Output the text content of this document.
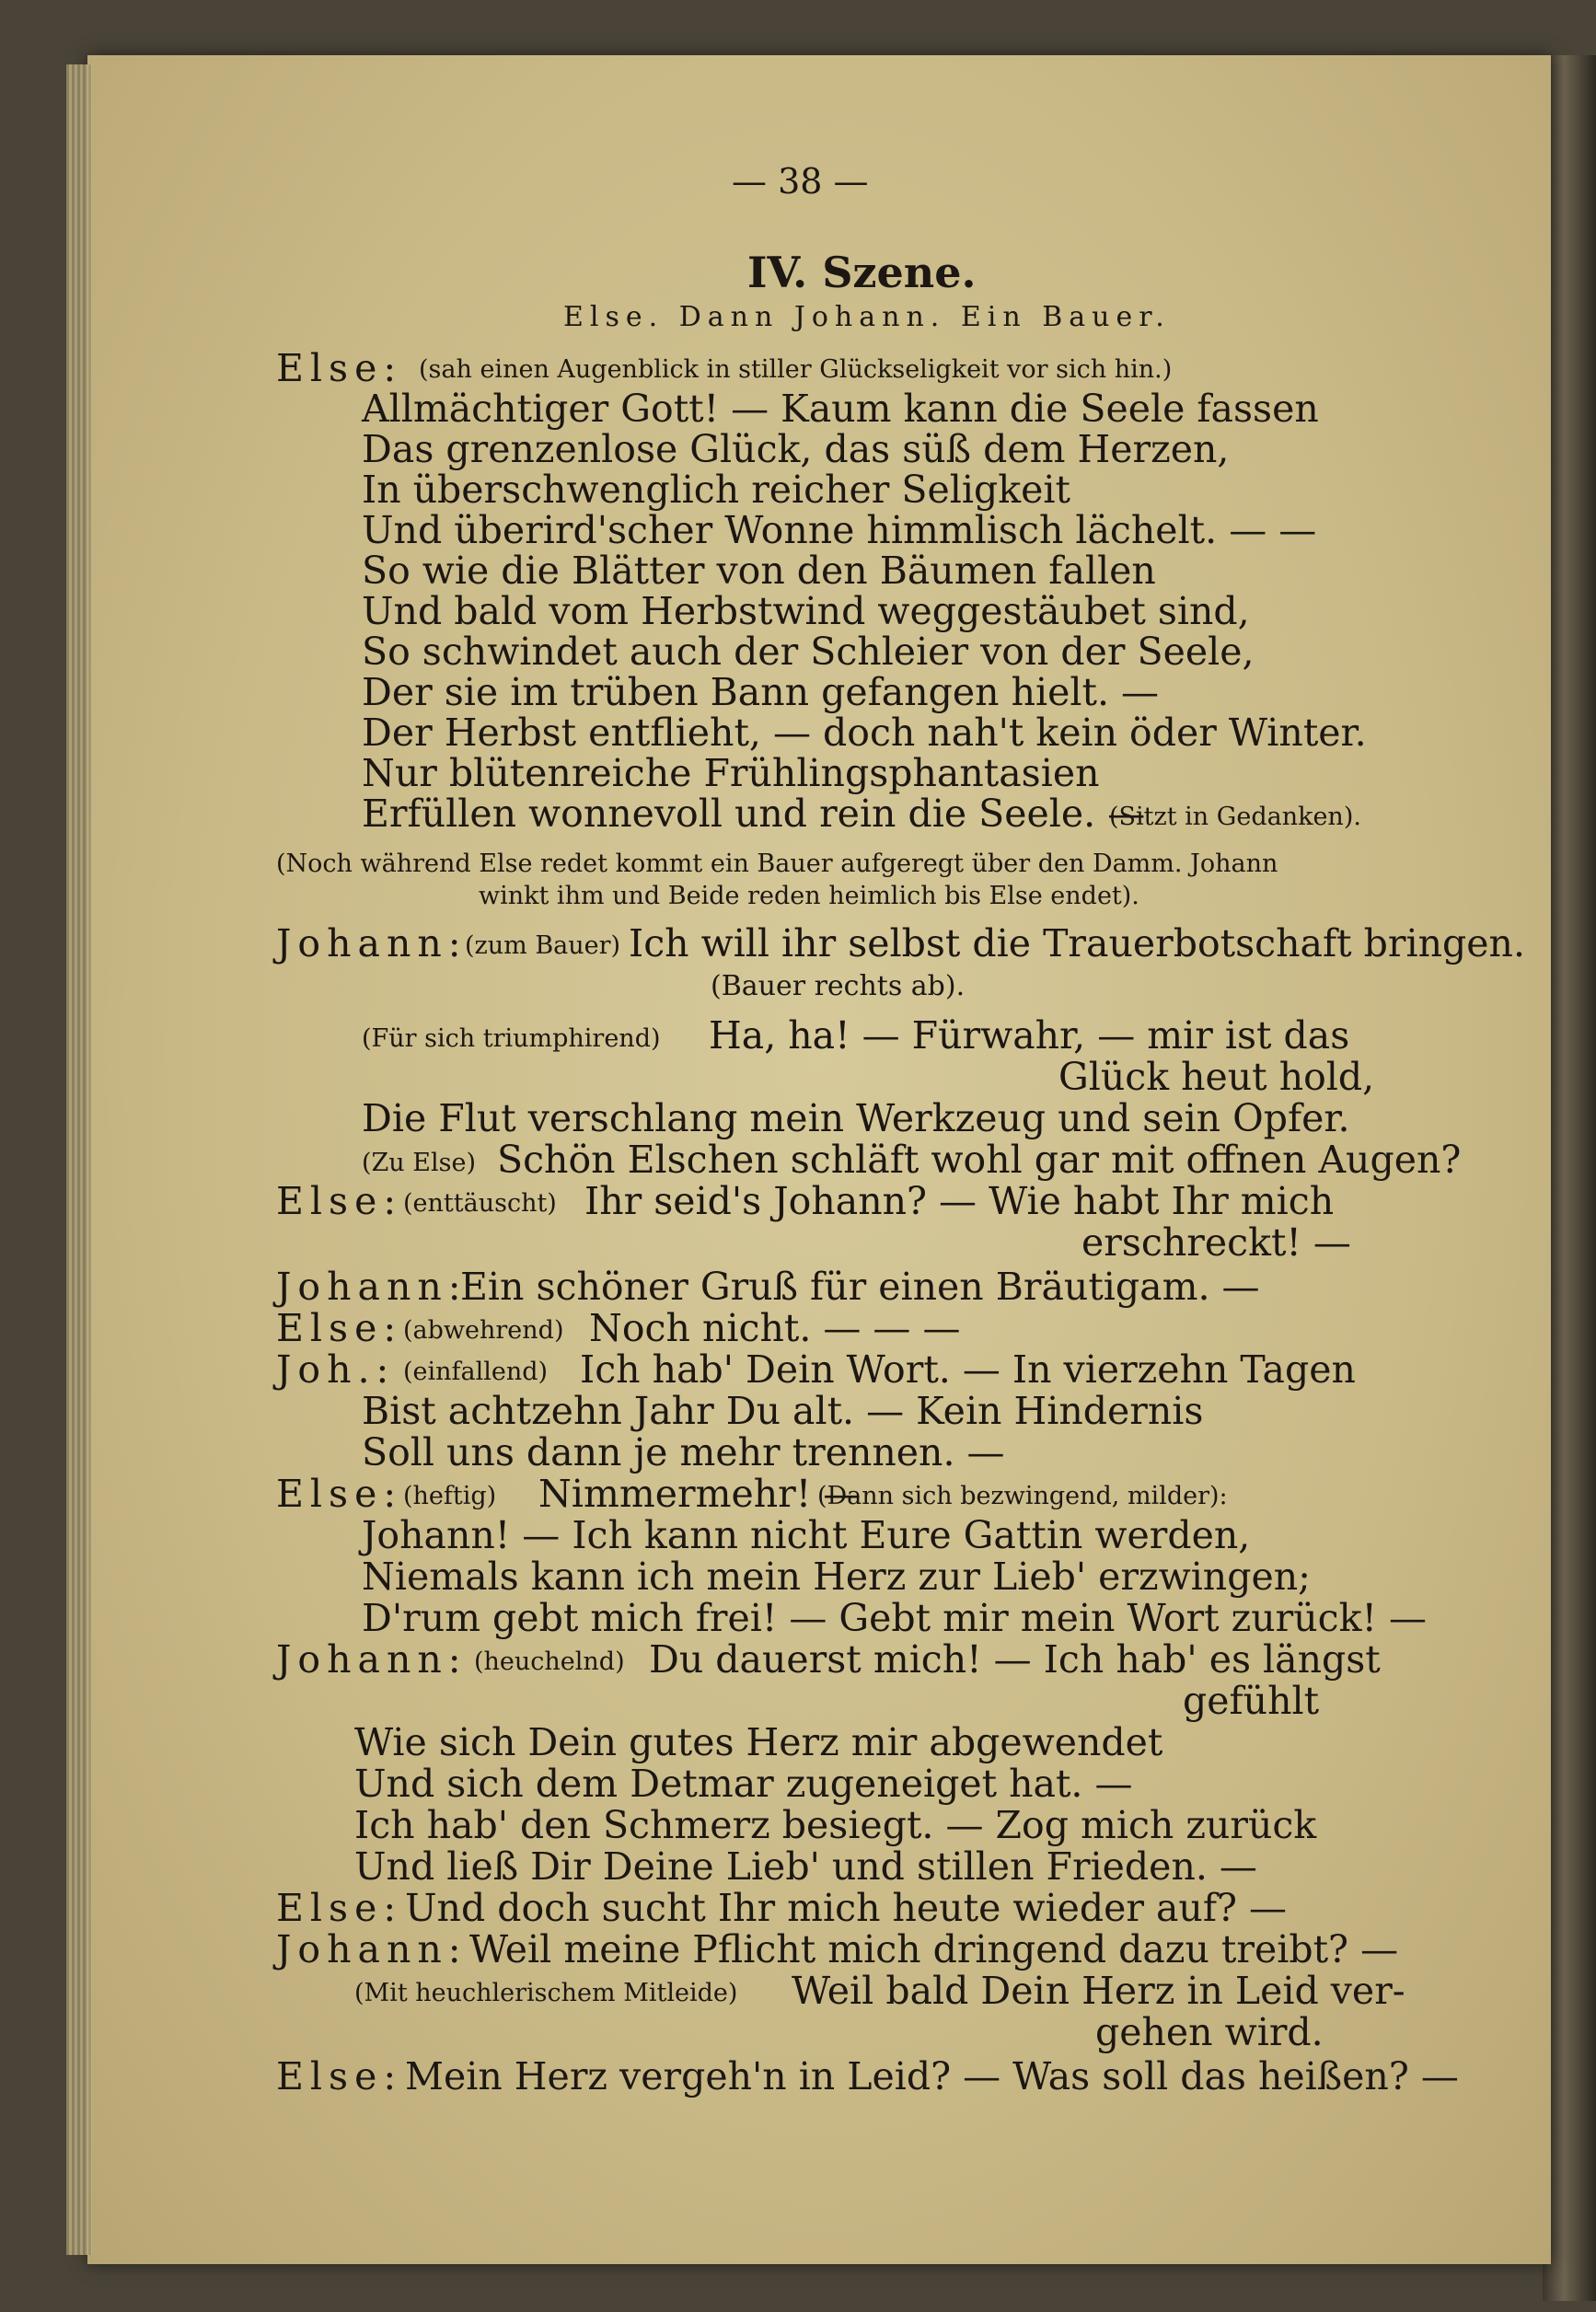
— 38 —
IV. Szene.
Else. Dann Johann. Ein Bauer.
Else: (sah einen Augenblick in stiller Glückseligkeit vor sich hin.)
Allmächtiger Gott! — Kaum kann die Seele fassen
Das grenzenlose Glück, das süß dem Herzen,
In überschwenglich reicher Seligkeit
Und überird'scher Wonne himmlisch lächelt. — —
So wie die Blätter von den Bäumen fallen
Und bald vom Herbstwind weggestäubet sind,
So schwindet auch der Schleier von der Seele,
Der sie im trüben Bann gefangen hielt. —
Der Herbst entflieht, — doch nah't kein öder Winter.
Nur blütenreiche Frühlingsphantasien
Erfüllen wonnevoll und rein die Seele. —
(Sitzt in Gedanken).
(Noch während Else redet kommt ein Bauer aufgeregt über den Damm. Johann
winkt ihm und Beide reden heimlich bis Else endet).
Johann:
(zum Bauer) Ich will ihr selbst die Trauerbotschaft bringen.
(Bauer rechts ab).
(Für sich triumphirend) Ha, ha! — Fürwahr, — mir ist das
Glück heut hold,
Die Flut verschlang mein Werkzeug und sein Opfer.
(Zu Else) Schön Elschen schläft wohl gar mit offnen Augen?
Else: (enttäuscht) Ihr seid's Johann? — Wie habt Ihr mich
erschreckt! —
Johann:
Ein schöner Gruß für einen Bräutigam. —
Else: (abwehrend) Noch nicht. — — —
Joh.: (einfallend) Ich hab' Dein Wort. — In vierzehn Tagen
Bist achtzehn Jahr Du alt. — Kein Hindernis
Soll uns dann je mehr trennen. —
Else: (heftig) Nimmermehr! —
(Dann sich bezwingend, milder):
Johann! — Ich kann nicht Eure Gattin werden,
Niemals kann ich mein Herz zur Lieb' erzwingen;
D'rum gebt mich frei! — Gebt mir mein Wort zurück! —
Johann: (heuchelnd) Du dauerst mich! — Ich hab' es längst
gefühlt
Wie sich Dein gutes Herz mir abgewendet
Und sich dem Detmar zugeneiget hat. —
Ich hab' den Schmerz besiegt. — Zog mich zurück
Und ließ Dir Deine Lieb' und stillen Frieden. —
Else: Und doch sucht Ihr mich heute wieder auf? —
Johann: Weil meine Pflicht mich dringend dazu treibt? —
(Mit heuchlerischem Mitleide) Weil bald Dein Herz in Leid ver-
gehen wird.
Else: Mein Herz vergeh'n in Leid? — Was soll das heißen? —
